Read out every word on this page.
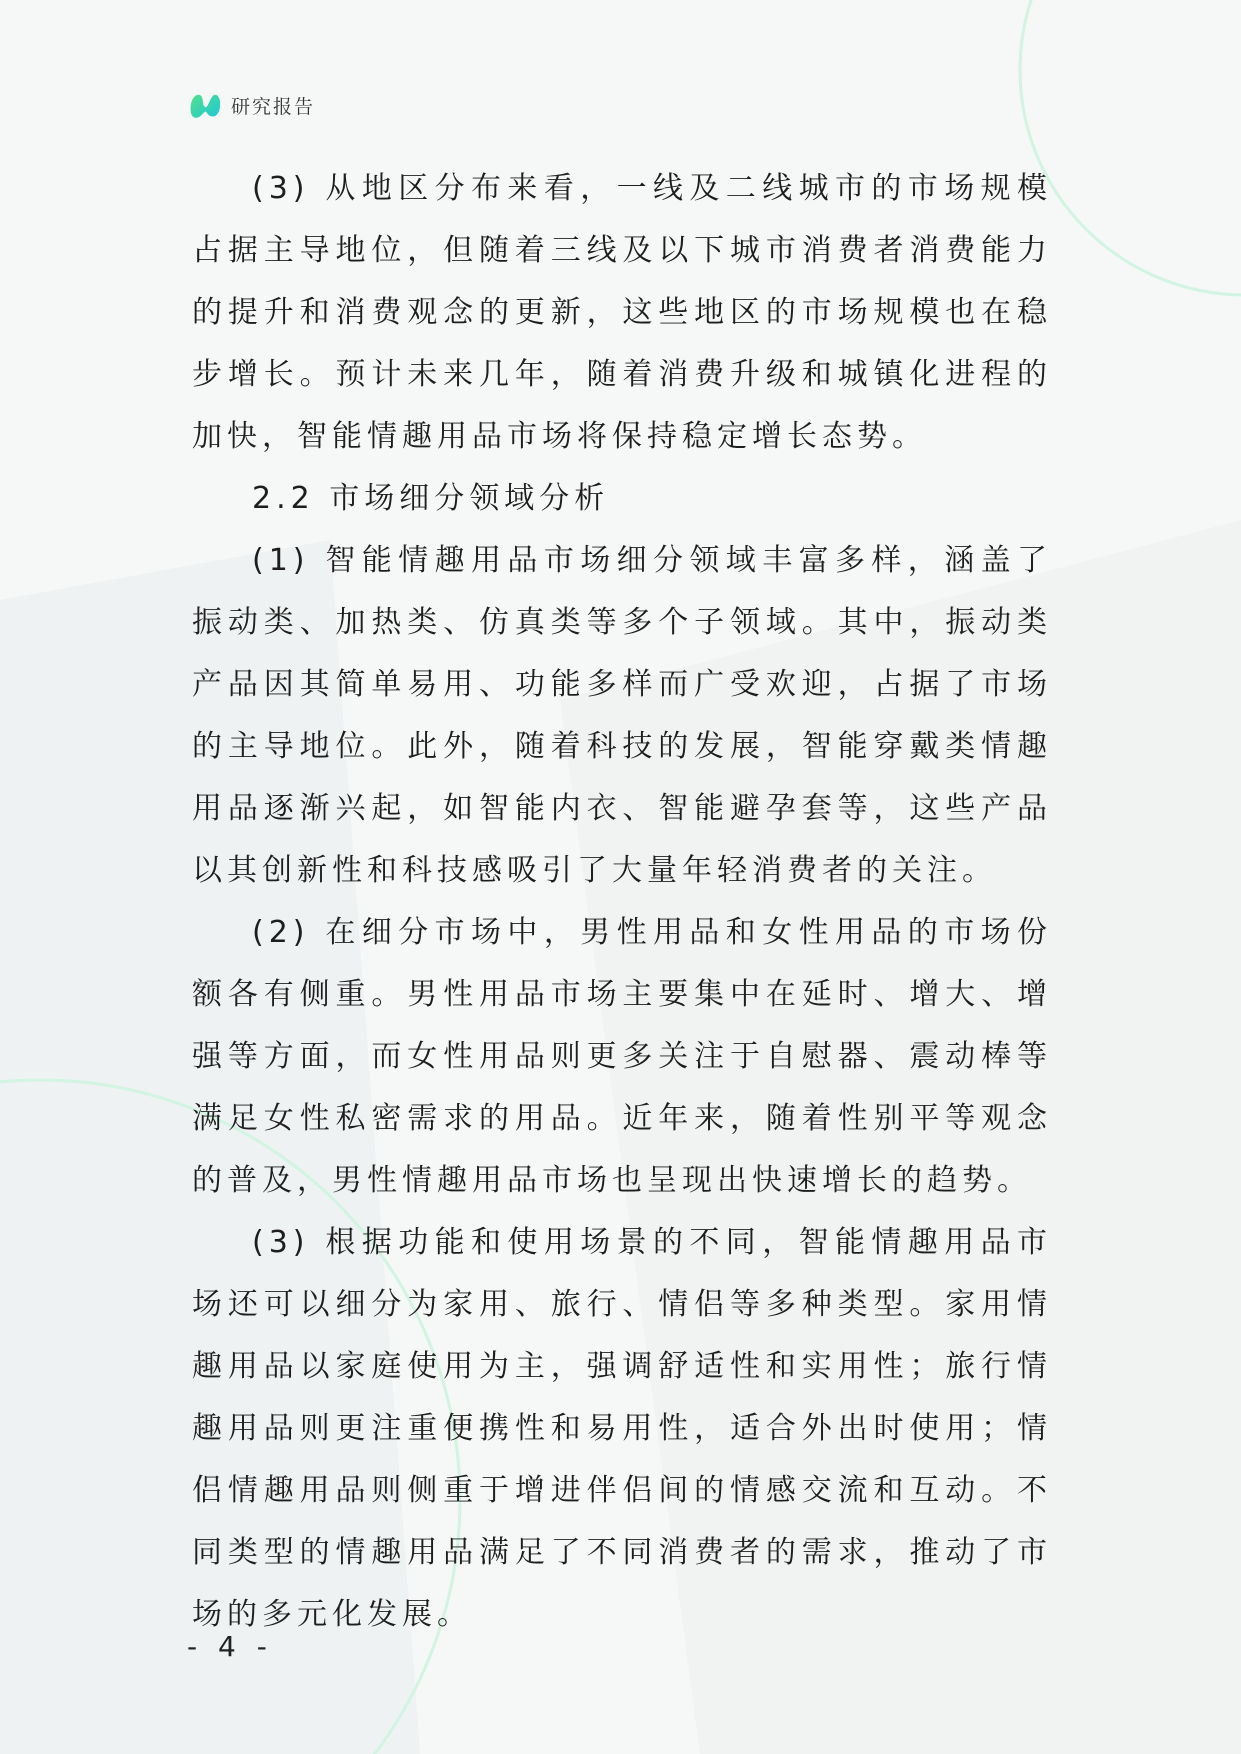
研究报告

(3) 从地区分布来看，一线及二线城市的市场规模占据主导地位，但随着三线及以下城市消费者消费能力的提升和消费观念的更新，这些地区的市场规模也在稳步增长。预计未来几年，随着消费升级和城镇化进程的加快，智能情趣用品市场将保持稳定增长态势。

2.2 市场细分领域分析

(1) 智能情趣用品市场细分领域丰富多样，涵盖了振动类、加热类、仿真类等多个子领域。其中，振动类产品因其简单易用、功能多样而广受欢迎，占据了市场的主导地位。此外，随着科技的发展，智能穿戴类情趣用品逐渐兴起，如智能内衣、智能避孕套等，这些产品以其创新性和科技感吸引了大量年轻消费者的关注。

(2) 在细分市场中，男性用品和女性用品的市场份额各有侧重。男性用品市场主要集中在延时、增大、增强等方面，而女性用品则更多关注于自慰器、震动棒等满足女性私密需求的用品。近年来，随着性别平等观念的普及，男性情趣用品市场也呈现出快速增长的趋势。

(3) 根据功能和使用场景的不同，智能情趣用品市场还可以细分为家用、旅行、情侣等多种类型。家用情趣用品以家庭使用为主，强调舒适性和实用性；旅行情趣用品则更注重便携性和易用性，适合外出时使用；情侣情趣用品则侧重于增进伴侣间的情感交流和互动。不同类型的情趣用品满足了不同消费者的需求，推动了市场的多元化发展。

- 4 -
